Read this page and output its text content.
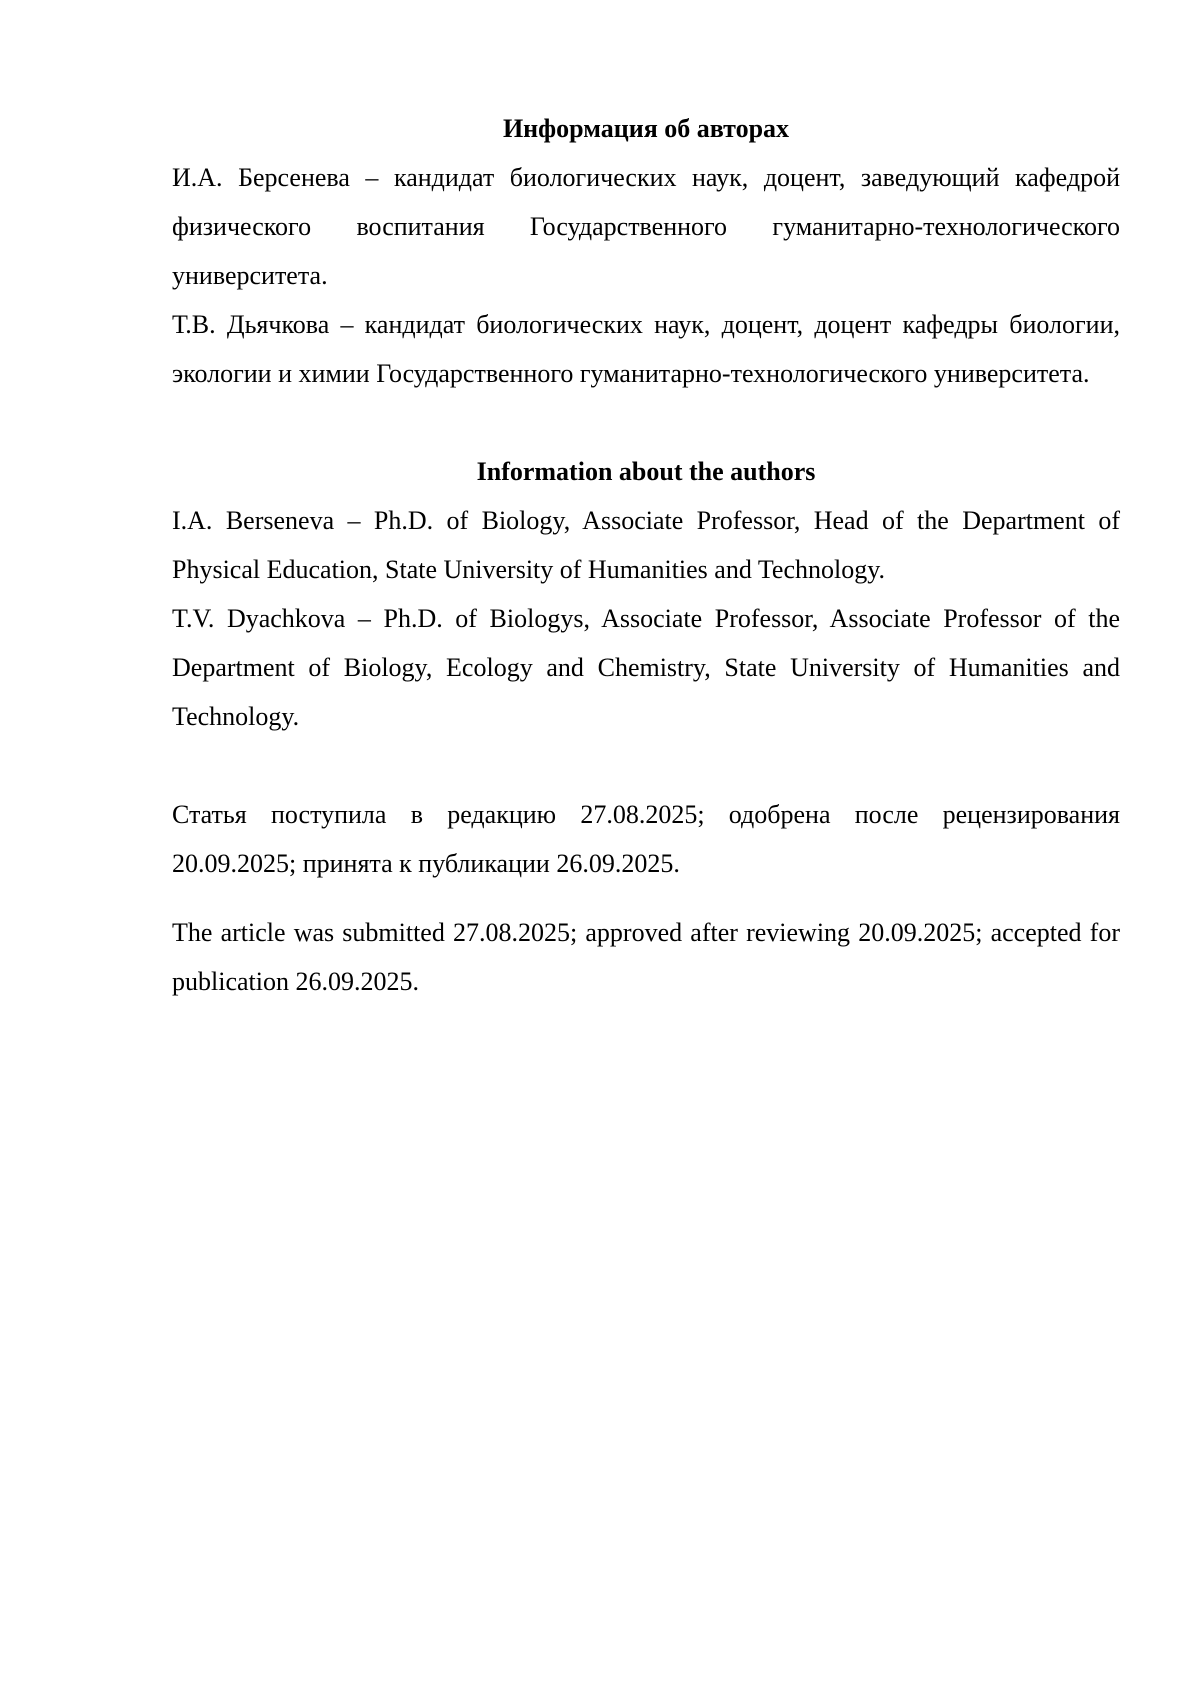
Информация об авторах

И.А. Берсенева – кандидат биологических наук, доцент, заведующий кафедрой физического воспитания Государственного гуманитарно-технологического университета.

Т.В. Дьячкова – кандидат биологических наук, доцент, доцент кафедры биологии, экологии и химии Государственного гуманитарно-технологического университета.

Information about the authors

I.A. Berseneva – Ph.D. of Biology, Associate Professor, Head of the Department of Physical Education, State University of Humanities and Technology.

T.V. Dyachkova – Ph.D. of Biologys, Associate Professor, Associate Professor of the Department of Biology, Ecology and Chemistry, State University of Humanities and Technology.

Статья поступила в редакцию 27.08.2025; одобрена после рецензирования 20.09.2025; принята к публикации 26.09.2025.

The article was submitted 27.08.2025; approved after reviewing 20.09.2025; accepted for publication 26.09.2025.
